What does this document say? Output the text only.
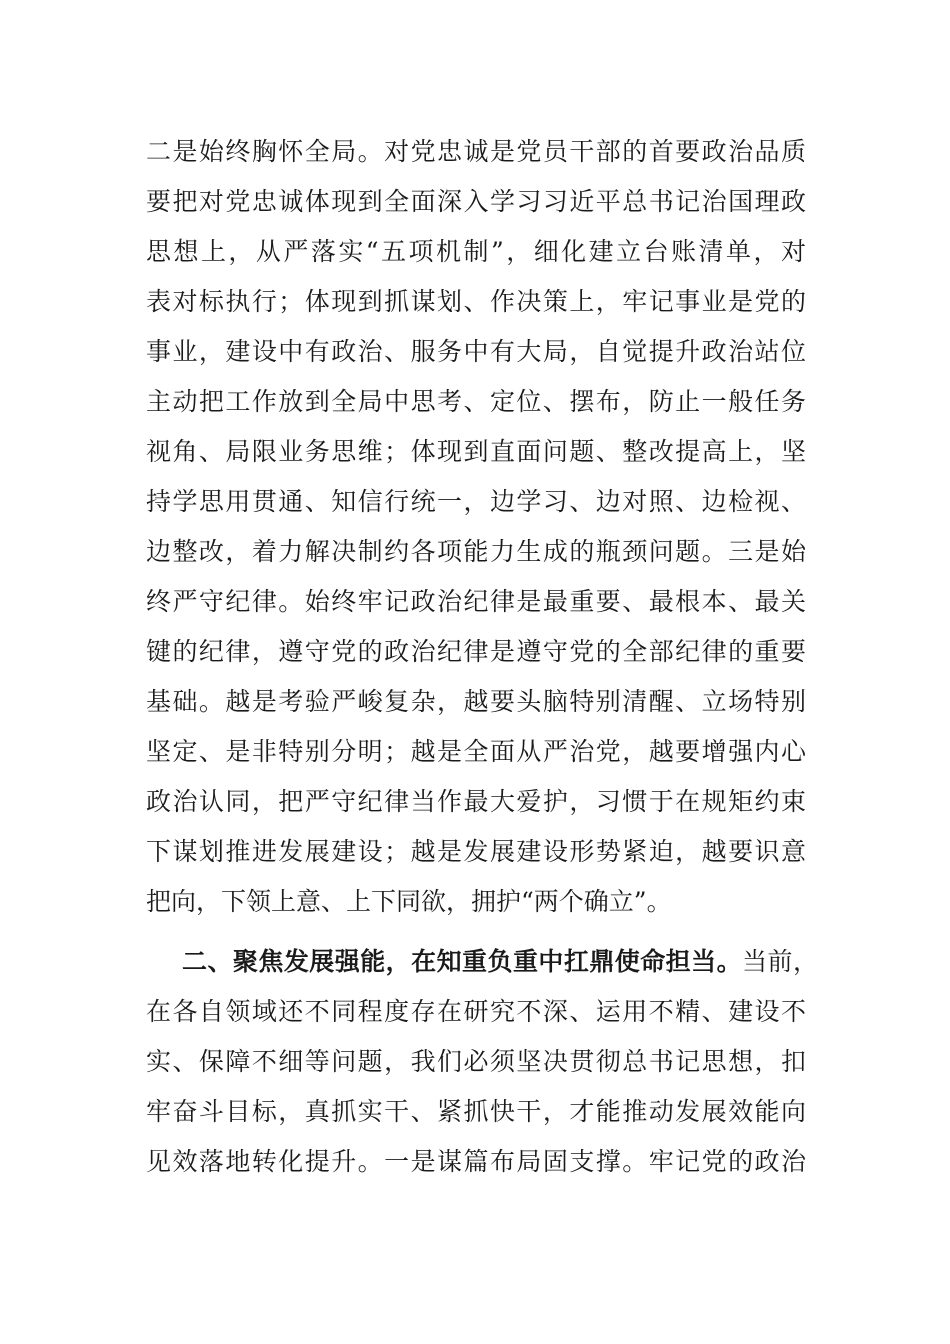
二是始终胸怀全局。对党忠诚是党员干部的首要政治品质
要把对党忠诚体现到全面深入学习习近平总书记治国理政
思想上，从严落实“五项机制”，细化建立台账清单，对
表对标执行；体现到抓谋划、作决策上，牢记事业是党的
事业，建设中有政治、服务中有大局，自觉提升政治站位
主动把工作放到全局中思考、定位、摆布，防止一般任务
视角、局限业务思维；体现到直面问题、整改提高上，坚
持学思用贯通、知信行统一，边学习、边对照、边检视、
边整改，着力解决制约各项能力生成的瓶颈问题。三是始
终严守纪律。始终牢记政治纪律是最重要、最根本、最关
键的纪律，遵守党的政治纪律是遵守党的全部纪律的重要
基础。越是考验严峻复杂，越要头脑特别清醒、立场特别
坚定、是非特别分明；越是全面从严治党，越要增强内心
政治认同，把严守纪律当作最大爱护，习惯于在规矩约束
下谋划推进发展建设；越是发展建设形势紧迫，越要识意
把向，下领上意、上下同欲，拥护“两个确立”。
二、聚焦发展强能，在知重负重中扛鼎使命担当。当前，
在各自领域还不同程度存在研究不深、运用不精、建设不
实、保障不细等问题，我们必须坚决贯彻总书记思想，扣
牢奋斗目标，真抓实干、紧抓快干，才能推动发展效能向
见效落地转化提升。一是谋篇布局固支撑。牢记党的政治
